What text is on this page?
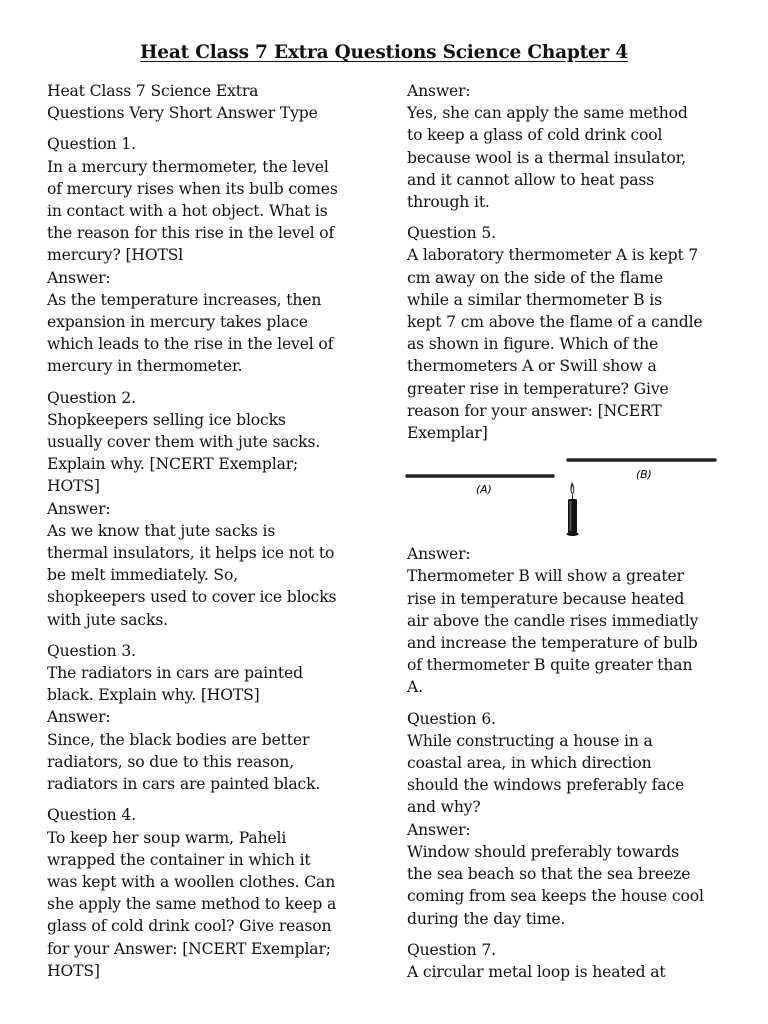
Heat Class 7 Extra Questions Science Chapter 4

Heat Class 7 Science Extra
Questions Very Short Answer Type

Question 1.

In a mercury thermometer, the level
of mercury rises when its bulb comes
in contact with a hot object. What is
the reason for this rise in the level of
mercury? [HOTSl

Answer:

As the temperature increases, then
expansion in mercury takes place
which leads to the rise in the level of
mercury in thermometer.

Question 2.

Shopkeepers selling ice blocks
usually cover them with jute sacks.
Explain why. [NCERT Exemplar;
HOTS]

Answer:

As we know that jute sacks is
thermal insulators, it helps ice not to
be melt immediately. So,
shopkeepers used to cover ice blocks
with jute sacks.

Question 3.

The radiators in cars are painted
black. Explain why. [HOTS]

Answer:

Since, the black bodies are better
radiators, so due to this reason,
radiators in cars are painted black.

Question 4.

To keep her soup warm, Paheli
wrapped the container in which it
was kept with a woollen clothes. Can
she apply the same method to keep a
glass of cold drink cool? Give reason
for your Answer: [NCERT Exemplar;
HOTS]

Answer:

Yes, she can apply the same method
to keep a glass of cold drink cool
because wool is a thermal insulator,
and it cannot allow to heat pass
through it.

Question 5.

A laboratory thermometer A is kept 7
cm away on the side of the flame
while a similar thermometer B is
kept 7 cm above the flame of a candle
as shown in figure. Which of the
thermometers A or Swill show a
greater rise in temperature? Give
reason for your answer: [NCERT
Exemplar]

(A)
(B)

Answer:

Thermometer B will show a greater
rise in temperature because heated
air above the candle rises immediatly
and increase the temperature of bulb
of thermometer B quite greater than
A.

Question 6.

While constructing a house in a
coastal area, in which direction
should the windows preferably face
and why?

Answer:

Window should preferably towards
the sea beach so that the sea breeze
coming from sea keeps the house cool
during the day time.

Question 7.

A circular metal loop is heated at
